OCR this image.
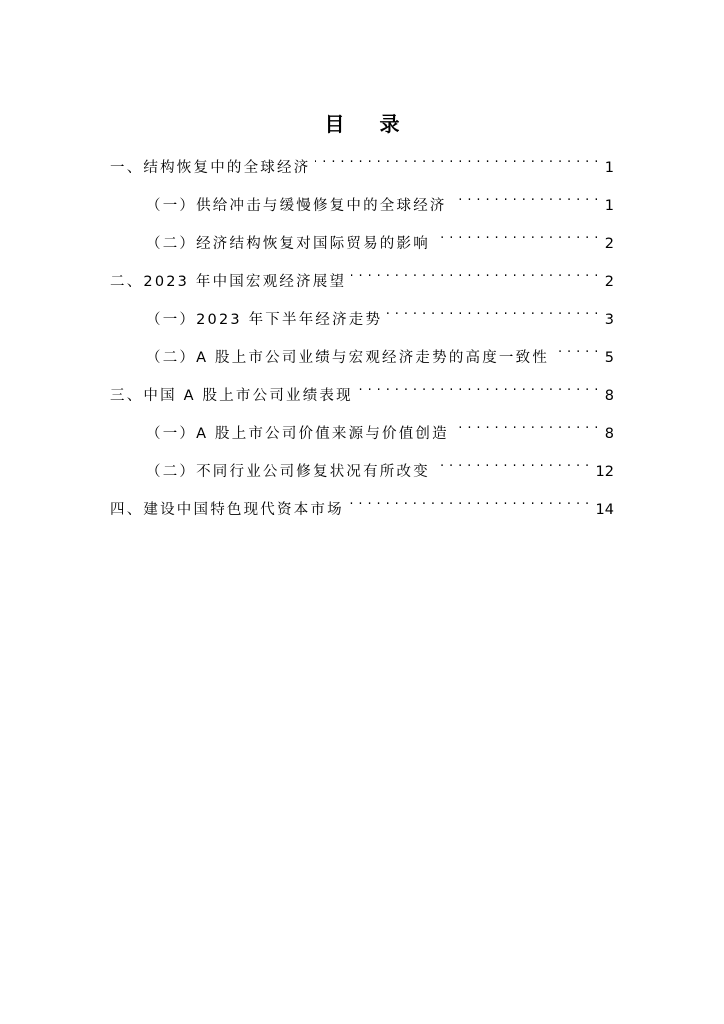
目 录
一、结构恢复中的全球经济 . . .	1
（一）供给冲击与缓慢修复中的全球经济 . . .	1
（二）经济结构恢复对国际贸易的影响 . . .	2
二、2023 年中国宏观经济展望 . . .	2
（一）2023 年下半年经济走势 . . .	3
（二）A 股上市公司业绩与宏观经济走势的高度一致性 . . .	5
三、中国 A 股上市公司业绩表现 . . .	8
（一）A 股上市公司价值来源与价值创造 . . .	8
（二）不同行业公司修复状况有所改变 . . .	12
四、建设中国特色现代资本市场 . . .	14
